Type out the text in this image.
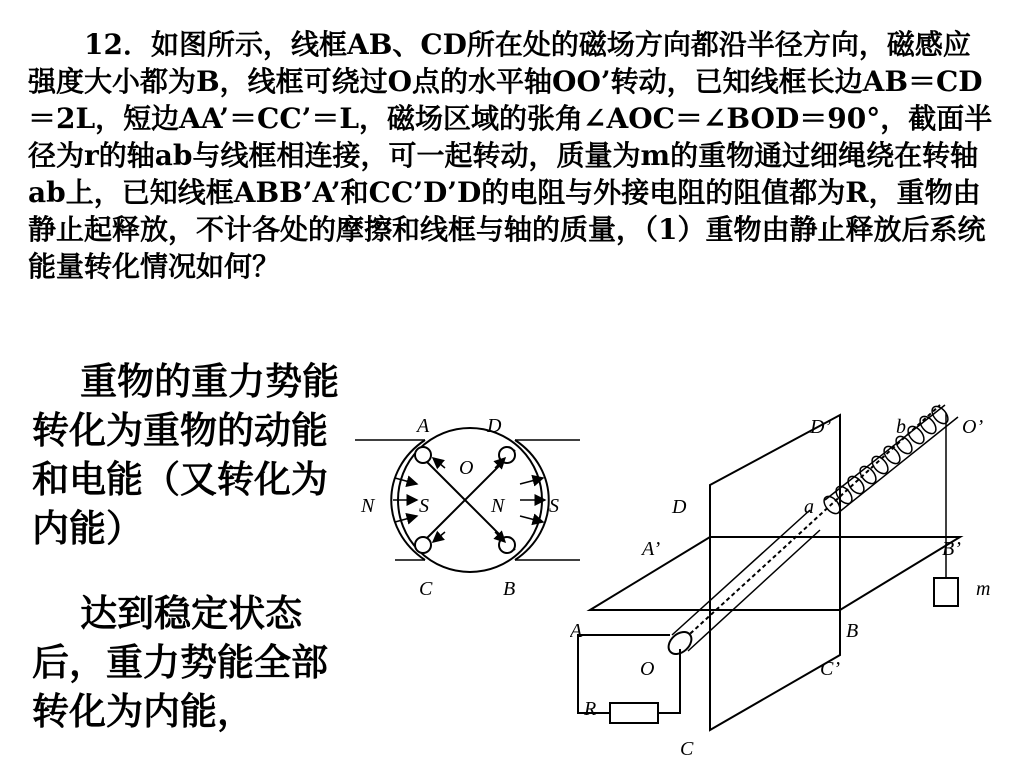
12．如图所示，线框AB、CD所在处的磁场方向都沿半径方向，磁感应强度大小都为B，线框可绕过O点的水平轴OO’转动，已知线框长边AB＝CD＝2L，短边AA’＝CC’＝L，磁场区域的张角∠AOC＝∠BOD＝90°，截面半径为r的轴ab与线框相连接，可一起转动，质量为m的重物通过细绳绕在转轴ab上，已知线框ABB’A’和CC’D’D的电阻与外接电阻的阻值都为R，重物由静止起释放，不计各处的摩擦和线框与轴的质量，（1）重物由静止释放后系统能量转化情况如何？

重物的重力势能转化为重物的动能和电能（又转化为内能）

达到稳定状态后，重力势能全部转化为内能，

A	D
O
N S	N S
C	B
D’	b	O’
D	a
A’	B’
m
A	B
O	C’
R
C
